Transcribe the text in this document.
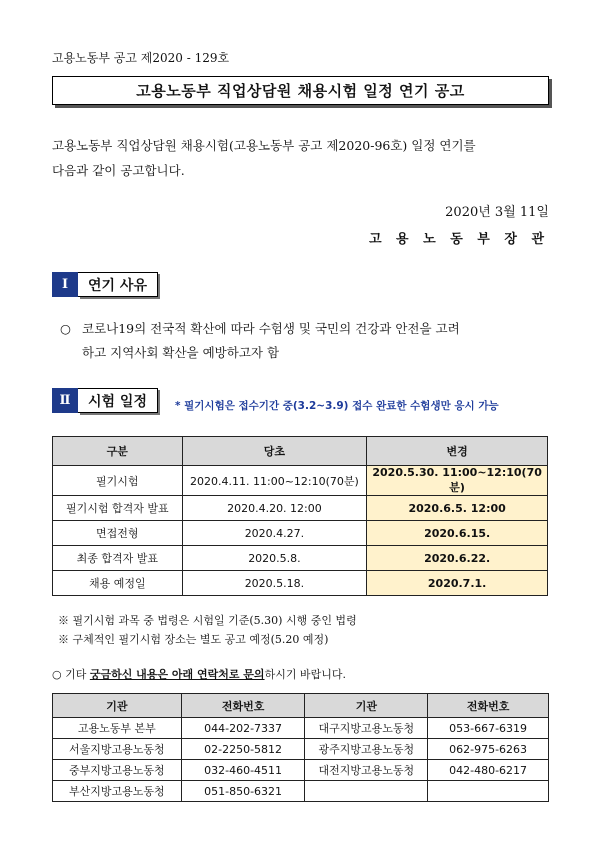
고용노동부 공고 제2020 - 129호
고용노동부 직업상담원 채용시험 일정 연기 공고
고용노동부 직업상담원 채용시험(고용노동부 공고 제2020-96호) 일정 연기를
다음과 같이 공고합니다.
2020년 3월 11일
고 용 노 동 부 장 관
Ⅰ	연기 사유
○ 코로나19의 전국적 확산에 따라 수험생 및 국민의 건강과 안전을 고려
하고 지역사회 확산을 예방하고자 함
Ⅱ	시험 일정	* 필기시험은 접수기간 중(3.2~3.9) 접수 완료한 수험생만 응시 가능
구분	당초	변경
필기시험	2020.4.11. 11:00~12:10(70분)	2020.5.30. 11:00~12:10(70분)
필기시험 합격자 발표	2020.4.20. 12:00	2020.6.5. 12:00
면접전형	2020.4.27.	2020.6.15.
최종 합격자 발표	2020.5.8.	2020.6.22.
채용 예정일	2020.5.18.	2020.7.1.
※ 필기시험 과목 중 법령은 시험일 기준(5.30) 시행 중인 법령
※ 구체적인 필기시험 장소는 별도 공고 예정(5.20 예정)
○ 기타 궁금하신 내용은 아래 연락처로 문의하시기 바랍니다.
기관	전화번호	기관	전화번호
고용노동부 본부	044-202-7337	대구지방고용노동청	053-667-6319
서울지방고용노동청	02-2250-5812	광주지방고용노동청	062-975-6263
중부지방고용노동청	032-460-4511	대전지방고용노동청	042-480-6217
부산지방고용노동청	051-850-6321		
